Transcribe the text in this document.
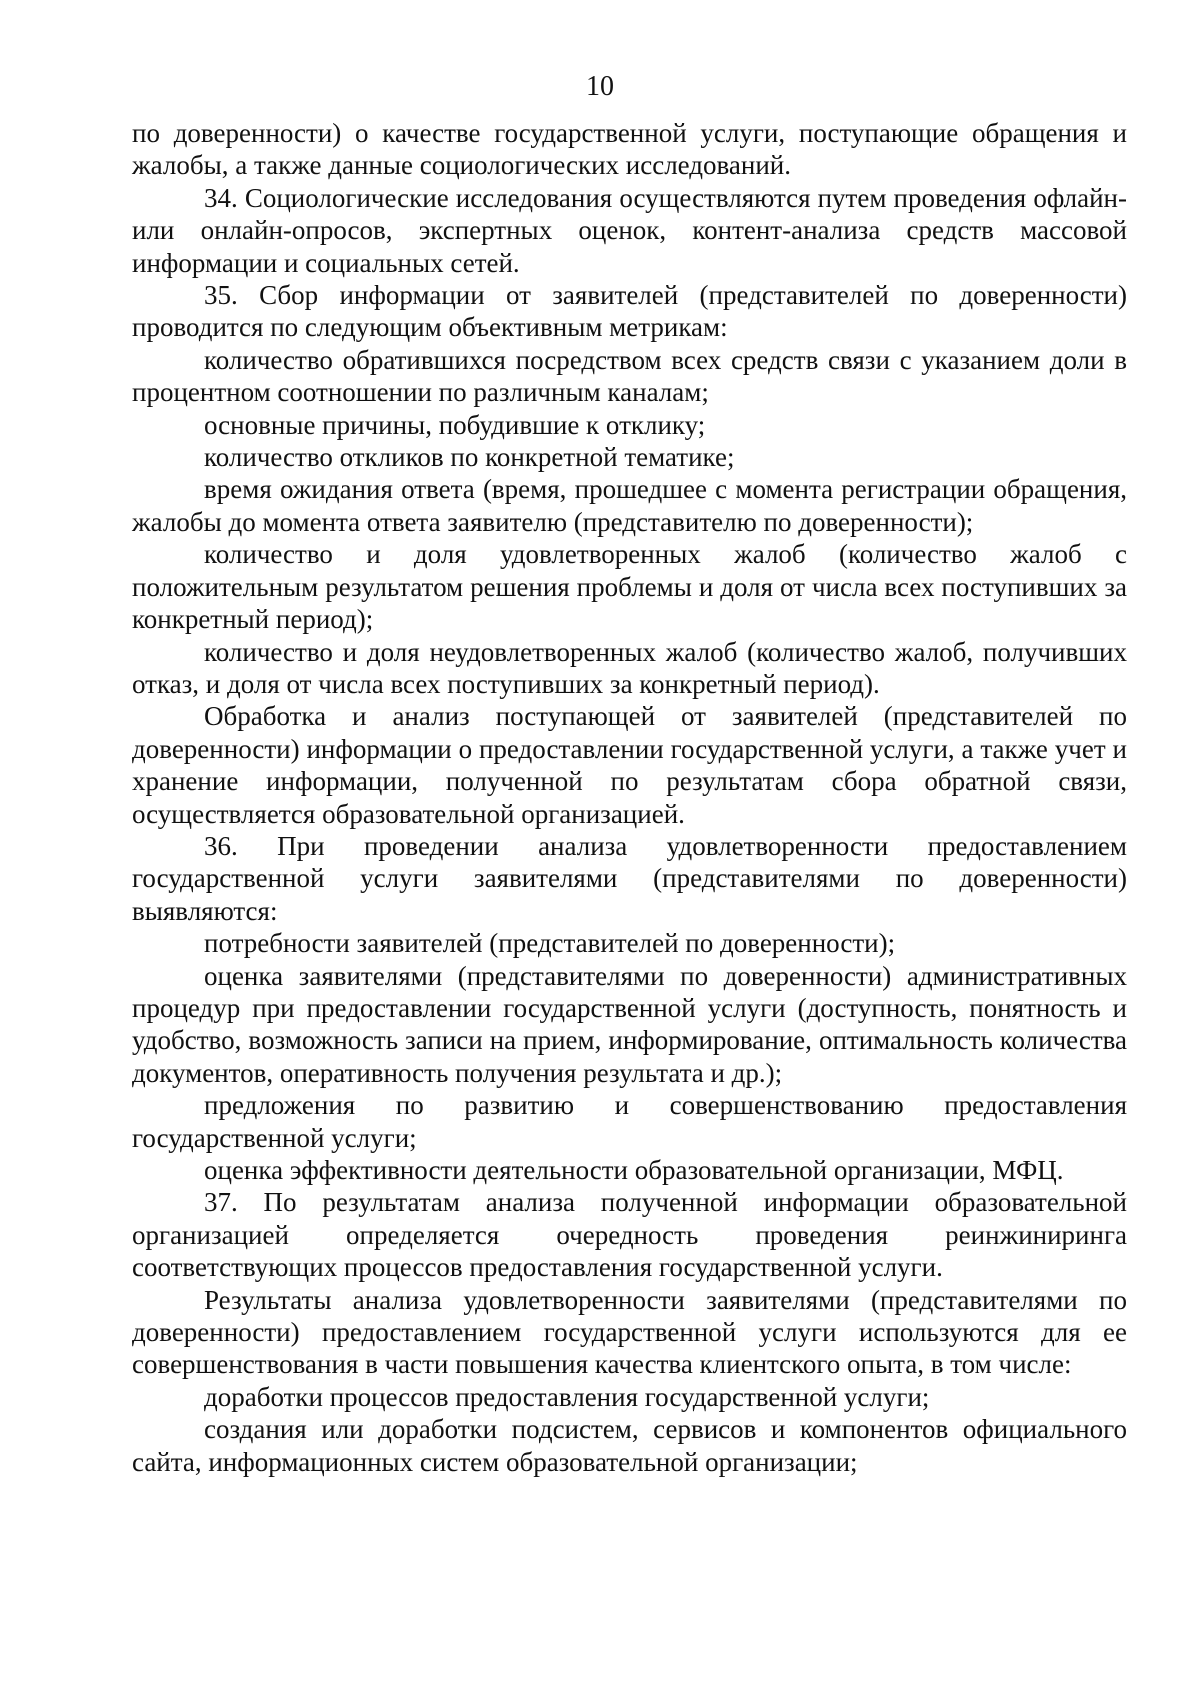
10

по доверенности) о качестве государственной услуги, поступающие обращения и жалобы, а также данные социологических исследований.

34. Социологические исследования осуществляются путем проведения офлайн- или онлайн-опросов, экспертных оценок, контент-анализа средств массовой информации и социальных сетей.

35. Сбор информации от заявителей (представителей по доверенности) проводится по следующим объективным метрикам:

количество обратившихся посредством всех средств связи с указанием доли в процентном соотношении по различным каналам;

основные причины, побудившие к отклику;

количество откликов по конкретной тематике;

время ожидания ответа (время, прошедшее с момента регистрации обращения, жалобы до момента ответа заявителю (представителю по доверенности);

количество и доля удовлетворенных жалоб (количество жалоб с положительным результатом решения проблемы и доля от числа всех поступивших за конкретный период);

количество и доля неудовлетворенных жалоб (количество жалоб, получивших отказ, и доля от числа всех поступивших за конкретный период).

Обработка и анализ поступающей от заявителей (представителей по доверенности) информации о предоставлении государственной услуги, а также учет и хранение информации, полученной по результатам сбора обратной связи, осуществляется образовательной организацией.

36. При проведении анализа удовлетворенности предоставлением государственной услуги заявителями (представителями по доверенности) выявляются:

потребности заявителей (представителей по доверенности);

оценка заявителями (представителями по доверенности) административных процедур при предоставлении государственной услуги (доступность, понятность и удобство, возможность записи на прием, информирование, оптимальность количества документов, оперативность получения результата и др.);

предложения по развитию и совершенствованию предоставления государственной услуги;

оценка эффективности деятельности образовательной организации, МФЦ.

37. По результатам анализа полученной информации образовательной организацией определяется очередность проведения реинжиниринга соответствующих процессов предоставления государственной услуги.

Результаты анализа удовлетворенности заявителями (представителями по доверенности) предоставлением государственной услуги используются для ее совершенствования в части повышения качества клиентского опыта, в том числе:

доработки процессов предоставления государственной услуги;

создания или доработки подсистем, сервисов и компонентов официального сайта, информационных систем образовательной организации;
